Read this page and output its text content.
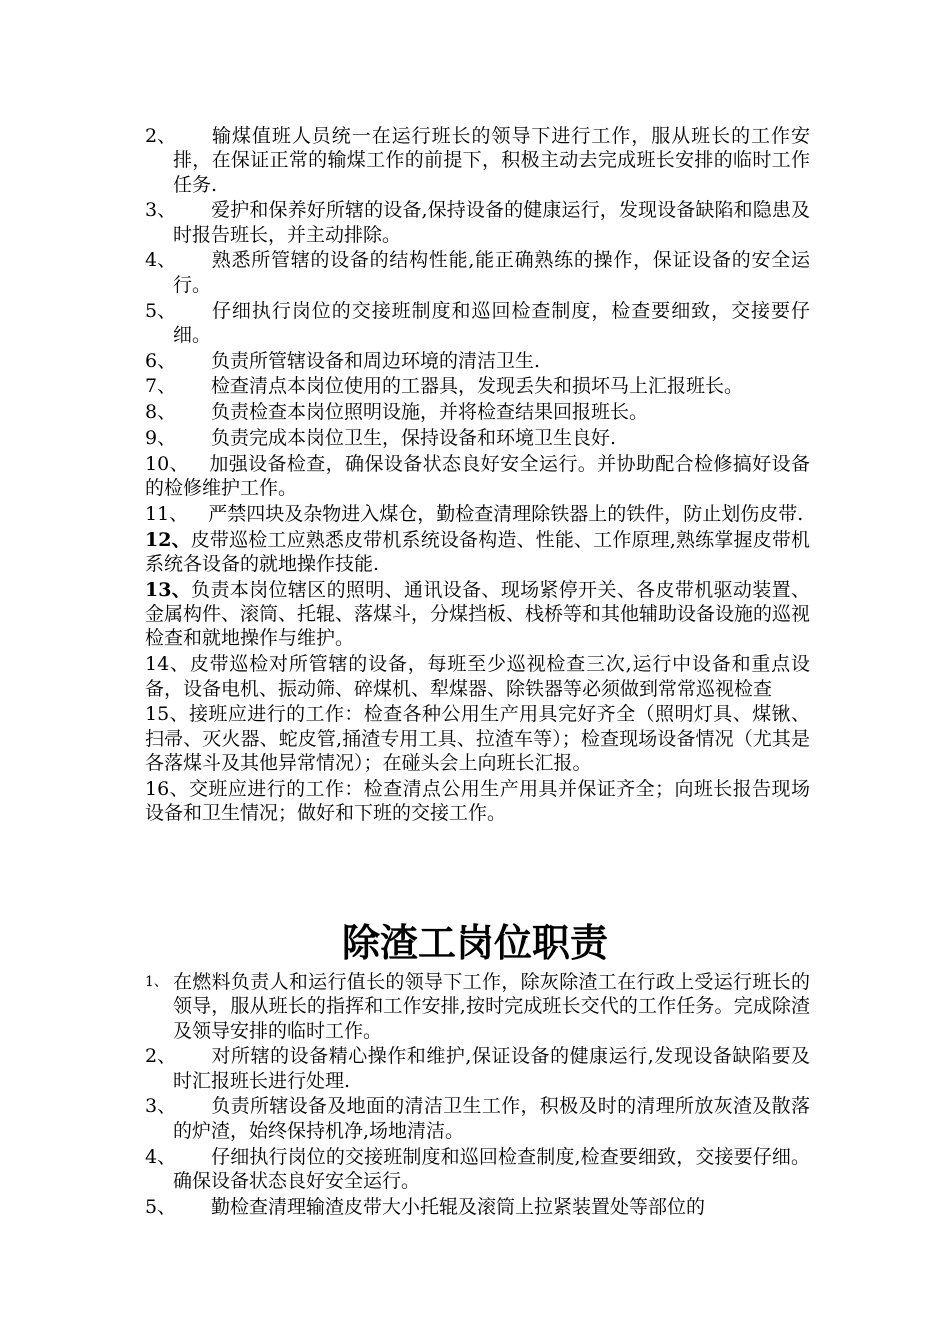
2、 输煤值班人员统一在运行班长的领导下进行工作，服从班长的工作安排，在保证正常的输煤工作的前提下，积极主动去完成班长安排的临时工作任务.
3、 爱护和保养好所辖的设备,保持设备的健康运行，发现设备缺陷和隐患及时报告班长，并主动排除。
4、 熟悉所管辖的设备的结构性能,能正确熟练的操作，保证设备的安全运行。
5、 仔细执行岗位的交接班制度和巡回检查制度，检查要细致，交接要仔细。
6、 负责所管辖设备和周边环境的清洁卫生.
7、 检查清点本岗位使用的工器具，发现丢失和损坏马上汇报班长。
8、 负责检查本岗位照明设施，并将检查结果回报班长。
9、 负责完成本岗位卫生，保持设备和环境卫生良好.
10、 加强设备检查，确保设备状态良好安全运行。并协助配合检修搞好设备的检修维护工作。
11、 严禁四块及杂物进入煤仓，勤检查清理除铁器上的铁件，防止划伤皮带.
12、皮带巡检工应熟悉皮带机系统设备构造、性能、工作原理,熟练掌握皮带机系统各设备的就地操作技能.
13、负责本岗位辖区的照明、通讯设备、现场紧停开关、各皮带机驱动装置、金属构件、滚筒、托辊、落煤斗，分煤挡板、栈桥等和其他辅助设备设施的巡视检查和就地操作与维护。
14、皮带巡检对所管辖的设备，每班至少巡视检查三次,运行中设备和重点设备，设备电机、振动筛、碎煤机、犁煤器、除铁器等必须做到常常巡视检查
15、接班应进行的工作：检查各种公用生产用具完好齐全（照明灯具、煤锹、扫帚、灭火器、蛇皮管,捅渣专用工具、拉渣车等）；检查现场设备情况（尤其是各落煤斗及其他异常情况）；在碰头会上向班长汇报。
16、交班应进行的工作：检查清点公用生产用具并保证齐全；向班长报告现场设备和卫生情况；做好和下班的交接工作。
除渣工岗位职责
1、 在燃料负责人和运行值长的领导下工作，除灰除渣工在行政上受运行班长的领导，服从班长的指挥和工作安排,按时完成班长交代的工作任务。完成除渣及领导安排的临时工作。
2、 对所辖的设备精心操作和维护,保证设备的健康运行,发现设备缺陷要及时汇报班长进行处理.
3、 负责所辖设备及地面的清洁卫生工作，积极及时的清理所放灰渣及散落的炉渣，始终保持机净,场地清洁。
4、 仔细执行岗位的交接班制度和巡回检查制度,检查要细致，交接要仔细。确保设备状态良好安全运行。
5、 勤检查清理输渣皮带大小托辊及滚筒上拉紧装置处等部位的
